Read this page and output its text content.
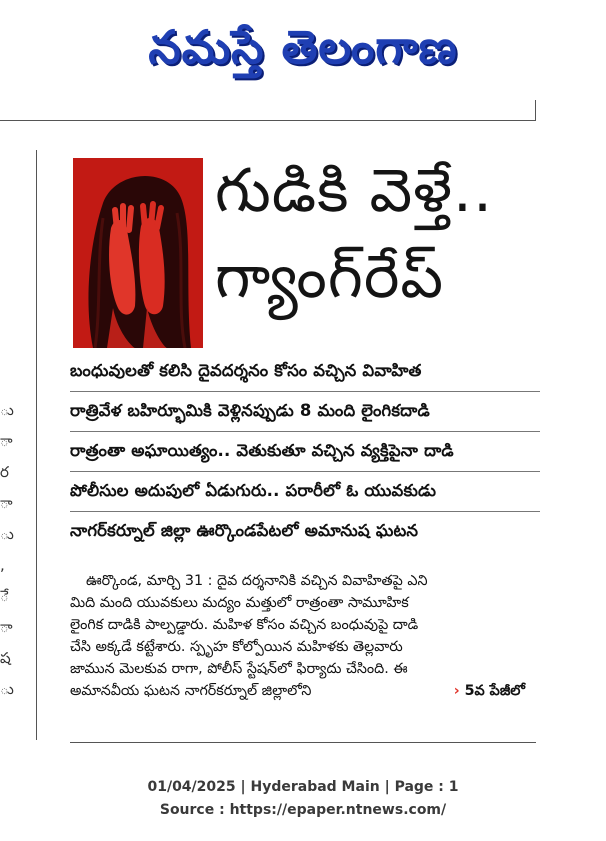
నమస్తే తెలంగాణ
ు
ా
ర
ా
ు
,
ే
ా
ష
ు
గుడికి వెళ్తే..
గ్యాంగ్‌రేప్
బంధువులతో కలిసి దైవదర్శనం కోసం వచ్చిన వివాహిత
రాత్రివేళ బహిర్భూమికి వెళ్లినప్పుడు 8 మంది లైంగికదాడి
రాత్రంతా అఘాయిత్యం.. వెతుకుతూ వచ్చిన వ్యక్తిపైనా దాడి
పోలీసుల అదుపులో ఏడుగురు.. పరారీలో ఓ యువకుడు
నాగర్‌కర్నూల్ జిల్లా ఊర్కొండపేటలో అమానుష ఘటన
ఊర్కొండ, మార్చి 31 : దైవ దర్శనానికి వచ్చిన వివాహితపై ఎని
మిది మంది యువకులు మద్యం మత్తులో రాత్రంతా సామూహిక
లైంగిక దాడికి పాల్పడ్డారు. మహిళ కోసం వచ్చిన బంధువుపై దాడి
చేసి అక్కడే కట్టేశారు. స్పృహ కోల్పోయిన మహిళకు తెల్లవారు
జామున మెలకువ రాగా, పోలీస్ స్టేషన్‌లో ఫిర్యాదు చేసింది. ఈ
అమానవీయ ఘటన నాగర్‌కర్నూల్ జిల్లాలోని	› 5వ పేజీలో
01/04/2025 | Hyderabad Main | Page : 1
Source : https://epaper.ntnews.com/
